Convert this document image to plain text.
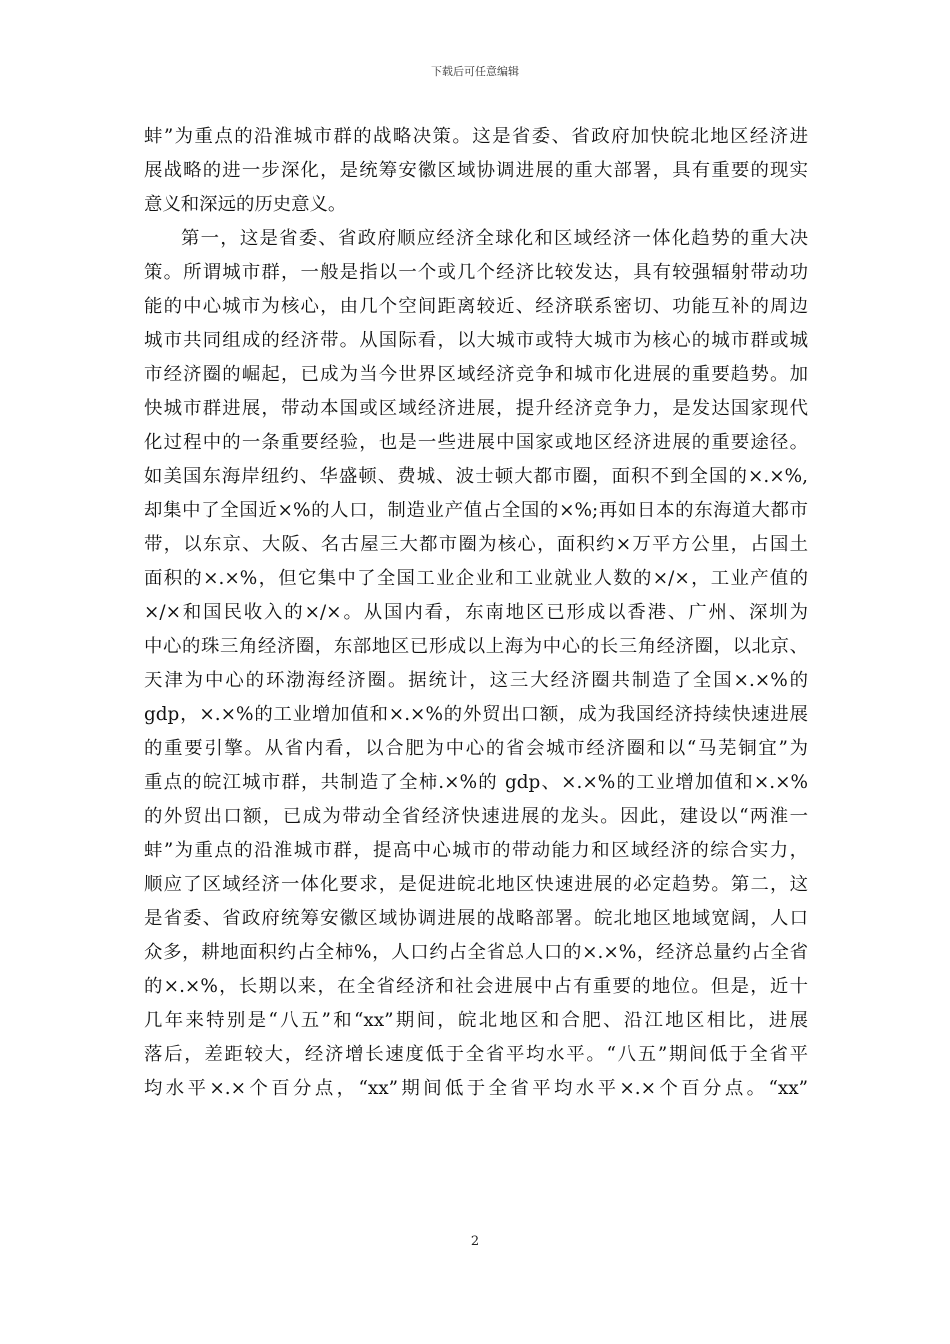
下载后可任意编辑
蚌”为重点的沿淮城市群的战略决策。这是省委、省政府加快皖北地区经济进
展战略的进一步深化，是统筹安徽区域协调进展的重大部署，具有重要的现实
意义和深远的历史意义。
第一，这是省委、省政府顺应经济全球化和区域经济一体化趋势的重大决
策。所谓城市群，一般是指以一个或几个经济比较发达，具有较强辐射带动功
能的中心城市为核心，由几个空间距离较近、经济联系密切、功能互补的周边
城市共同组成的经济带。从国际看，以大城市或特大城市为核心的城市群或城
市经济圈的崛起，已成为当今世界区域经济竞争和城市化进展的重要趋势。加
快城市群进展，带动本国或区域经济进展，提升经济竞争力，是发达国家现代
化过程中的一条重要经验，也是一些进展中国家或地区经济进展的重要途径。
如美国东海岸纽约、华盛顿、费城、波士顿大都市圈，面积不到全国的×.×%,
却集中了全国近×%的人口，制造业产值占全国的×%;再如日本的东海道大都市
带，以东京、大阪、名古屋三大都市圈为核心，面积约×万平方公里，占国土
面积的×.×%，但它集中了全国工业企业和工业就业人数的×/×，工业产值的
×/×和国民收入的×/×。从国内看，东南地区已形成以香港、广州、深圳为
中心的珠三角经济圈，东部地区已形成以上海为中心的长三角经济圈，以北京、
天津为中心的环渤海经济圈。据统计，这三大经济圈共制造了全国×.×%的
gdp，×.×%的工业增加值和×.×%的外贸出口额，成为我国经济持续快速进展
的重要引擎。从省内看，以合肥为中心的省会城市经济圈和以“马芜铜宜”为
重点的皖江城市群，共制造了全柿.×%的 gdp、×.×%的工业增加值和×.×%
的外贸出口额，已成为带动全省经济快速进展的龙头。因此，建设以“两淮一
蚌”为重点的沿淮城市群，提高中心城市的带动能力和区域经济的综合实力，
顺应了区域经济一体化要求，是促进皖北地区快速进展的必定趋势。第二，这
是省委、省政府统筹安徽区域协调进展的战略部署。皖北地区地域宽阔，人口
众多，耕地面积约占全柿%，人口约占全省总人口的×.×%，经济总量约占全省
的×.×%，长期以来，在全省经济和社会进展中占有重要的地位。但是，近十
几年来特别是“八五”和“xx”期间，皖北地区和合肥、沿江地区相比，进展
落后，差距较大，经济增长速度低于全省平均水平。“八五”期间低于全省平
均水平×.×个百分点，“xx”期间低于全省平均水平×.×个百分点。“xx”
2
